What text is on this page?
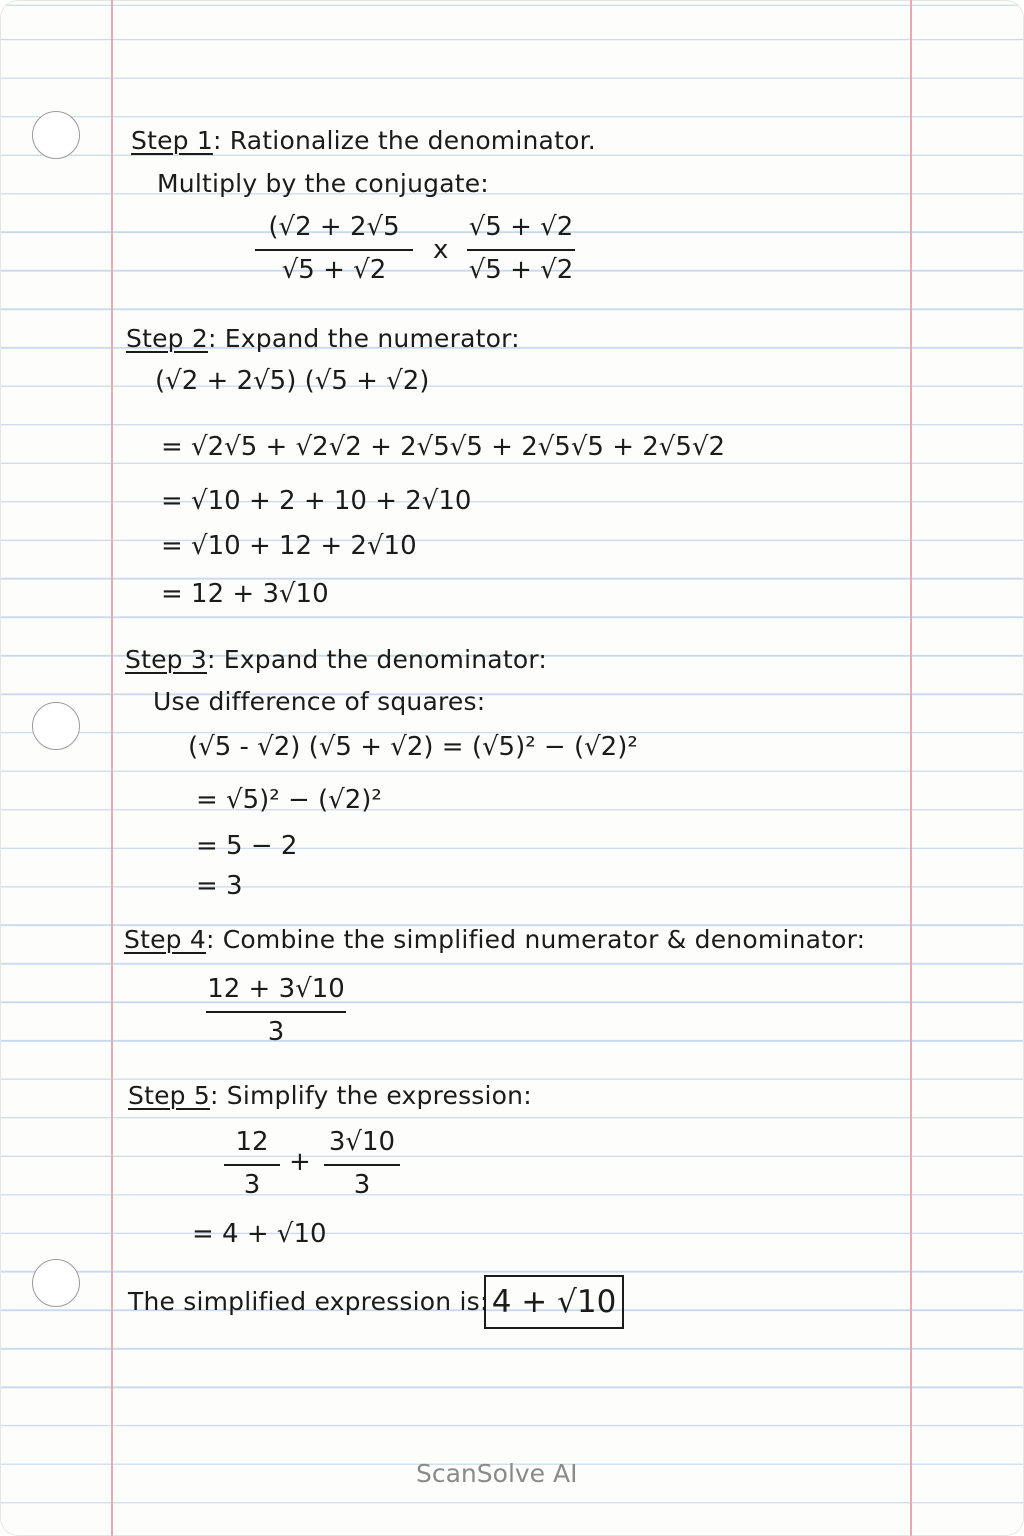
Step 1: Rationalize the denominator.
Multiply by the conjugate:
(√2 + 2√5
√5 + √2
x
√5 + √2
√5 + √2
Step 2: Expand the numerator:
(√2 + 2√5) (√5 + √2)
= √2√5 + √2√2 + 2√5√5 + 2√5√5 + 2√5√2
= √10 + 2 + 10 + 2√10
= √10 + 12 + 2√10
= 12 + 3√10
Step 3: Expand the denominator:
Use difference of squares:
(√5 - √2) (√5 + √2) = (√5)² − (√2)²
= √5)² − (√2)²
= 5 − 2
= 3
Step 4: Combine the simplified numerator & denominator:
12 + 3√10
3
Step 5: Simplify the expression:
12
3
+
3√10
3
= 4 + √10
The simplified expression is: 4 + √10
ScanSolve AI
